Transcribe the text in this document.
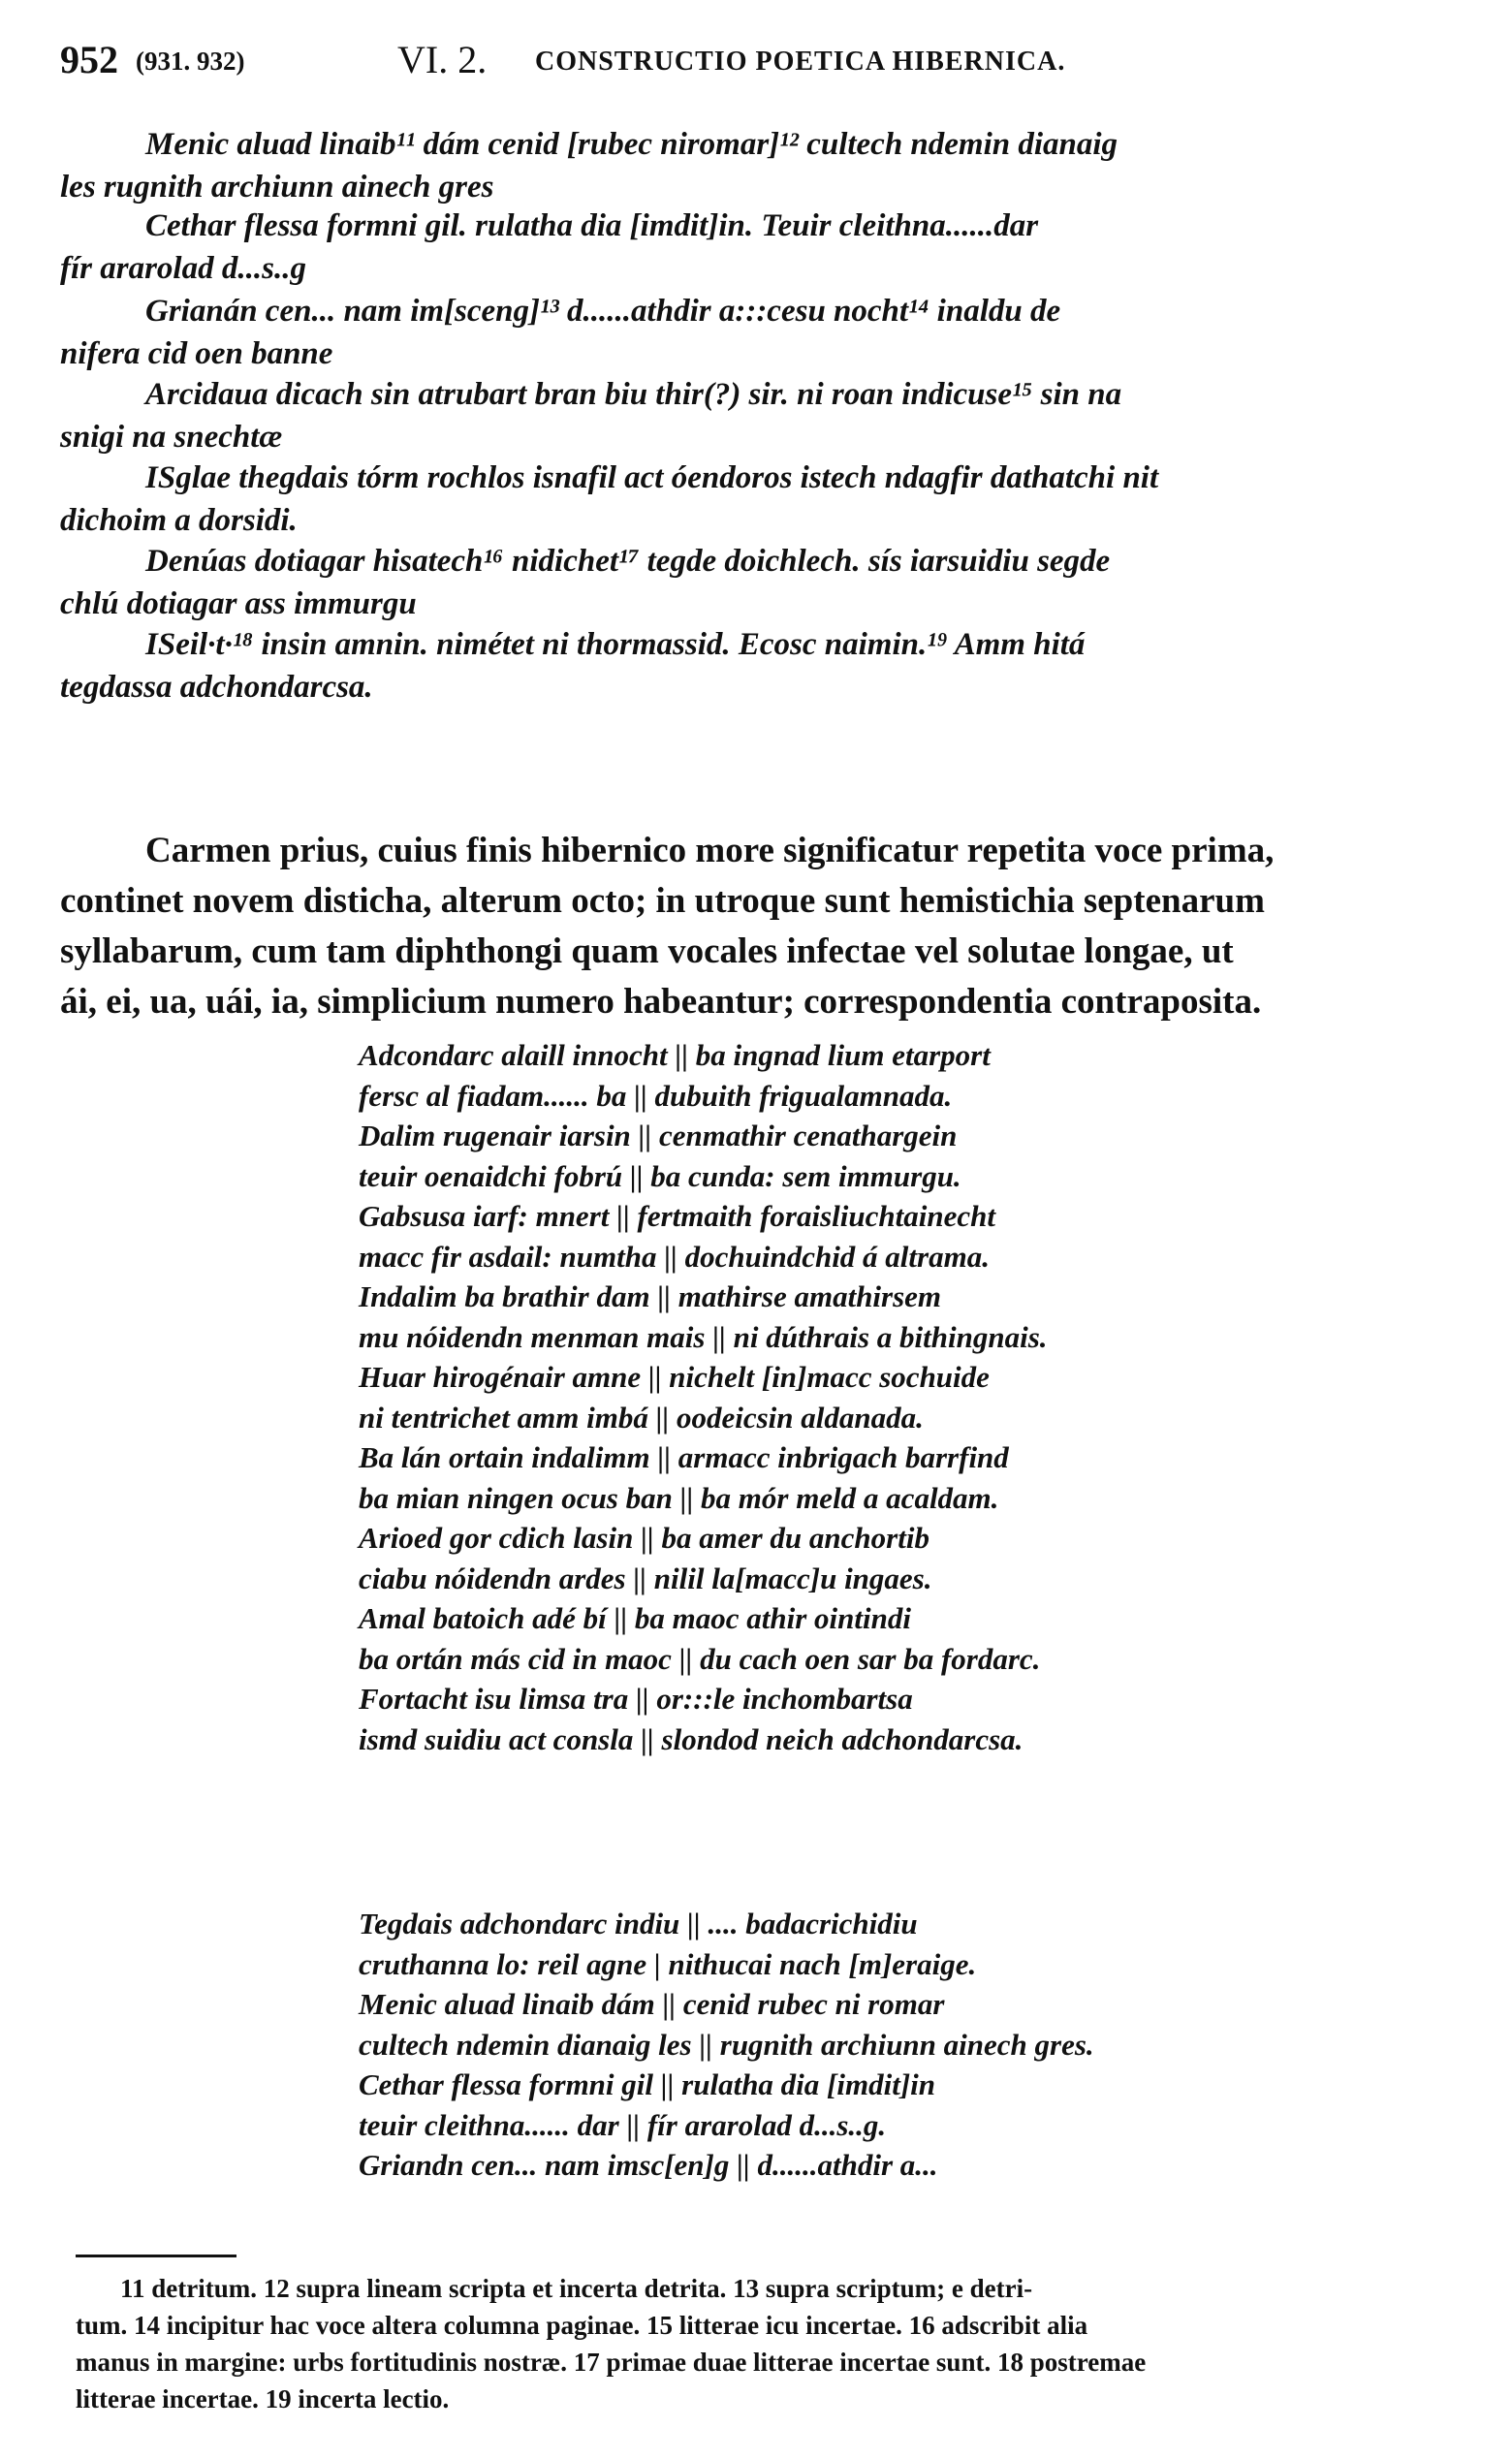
952 (931. 932)	VI. 2. CONSTRUCTIO POETICA HIBERNICA.

Menic aluad linaib¹¹ dám cenid [rubec niromar]¹² cultech ndemin dianaig

les rugnith archiunn ainech gres

Cethar flessa formni gil. rulatha dia [imdit]in. Teuir cleithna......dar

fír ararolad d...s..g

Grianán cen... nam im[sceng]¹³ d......athdir a:::cesu nocht¹⁴ inaldu de

nifera cid oen banne

Arcidaua dicach sin atrubart bran biu thir(?) sir. ni roan indicuse¹⁵ sin na

snigi na snechtæ

ISglae thegdais tórm rochlos isnafil act óendoros istech ndagfir dathatchi nit

dichoim a dorsidi.

Denúas dotiagar hisatech¹⁶ nidichet¹⁷ tegde doichlech. sís iarsuidiu segde

chlú dotiagar ass immurgu

ISeil·t·¹⁸ insin amnin. nimétet ni thormassid. Ecosc naimin.¹⁹ Amm hitá

tegdassa adchondarcsa.

Carmen prius, cuius finis hibernico more significatur repetita voce prima,

continet novem disticha, alterum octo; in utroque sunt hemistichia septenarum

syllabarum, cum tam diphthongi quam vocales infectae vel solutae longae, ut

ái, ei, ua, uái, ia, simplicium numero habeantur; correspondentia contraposita.

Adcondarc alaill innocht || ba ingnad lium etarport
fersc al fiadam...... ba || dubuith frigualamnada.
Dalim rugenair iarsin || cenmathir cenathargein
teuir oenaidchi fobrú || ba cunda: sem immurgu.
Gabsusa iarf: mnert || fertmaith foraisliuchtainecht
macc fir asdail: numtha || dochuindchid á altrama.
Indalim ba brathir dam || mathirse amathirsem
mu nóidendn menman mais || ni dúthrais a bithingnais.
Huar hirogénair amne || nichelt [in]macc sochuide
ni tentrichet amm imbá || oodeicsin aldanada.
Ba lán ortain indalimm || armacc inbrigach barrfind
ba mian ningen ocus ban || ba mór meld a acaldam.
Arioed gor cdich lasin || ba amer du anchortib
ciabu nóidendn ardes || nilil la[macc]u ingaes.
Amal batoich adé bí || ba maoc athir ointindi
ba ortán más cid in maoc || du cach oen sar ba fordarc.
Fortacht isu limsa tra || or:::le inchombartsa
ismd suidiu act consla || slondod neich adchondarcsa.
Tegdais adchondarc indiu || .... badacrichidiu
cruthanna lo: reil agne | nithucai nach [m]eraige.
Menic aluad linaib dám || cenid rubec ni romar
cultech ndemin dianaig les || rugnith archiunn ainech gres.
Cethar flessa formni gil || rulatha dia [imdit]in
teuir cleithna...... dar || fír ararolad d...s..g.
Griandn cen... nam imsc[en]g || d......athdir a...

11 detritum. 12 supra lineam scripta et incerta detrita. 13 supra scriptum; e detri-

tum. 14 incipitur hac voce altera columna paginae. 15 litterae icu incertae. 16 adscribit alia

manus in margine: urbs fortitudinis nostræ. 17 primae duae litterae incertae sunt. 18 postremae

litterae incertae. 19 incerta lectio.
